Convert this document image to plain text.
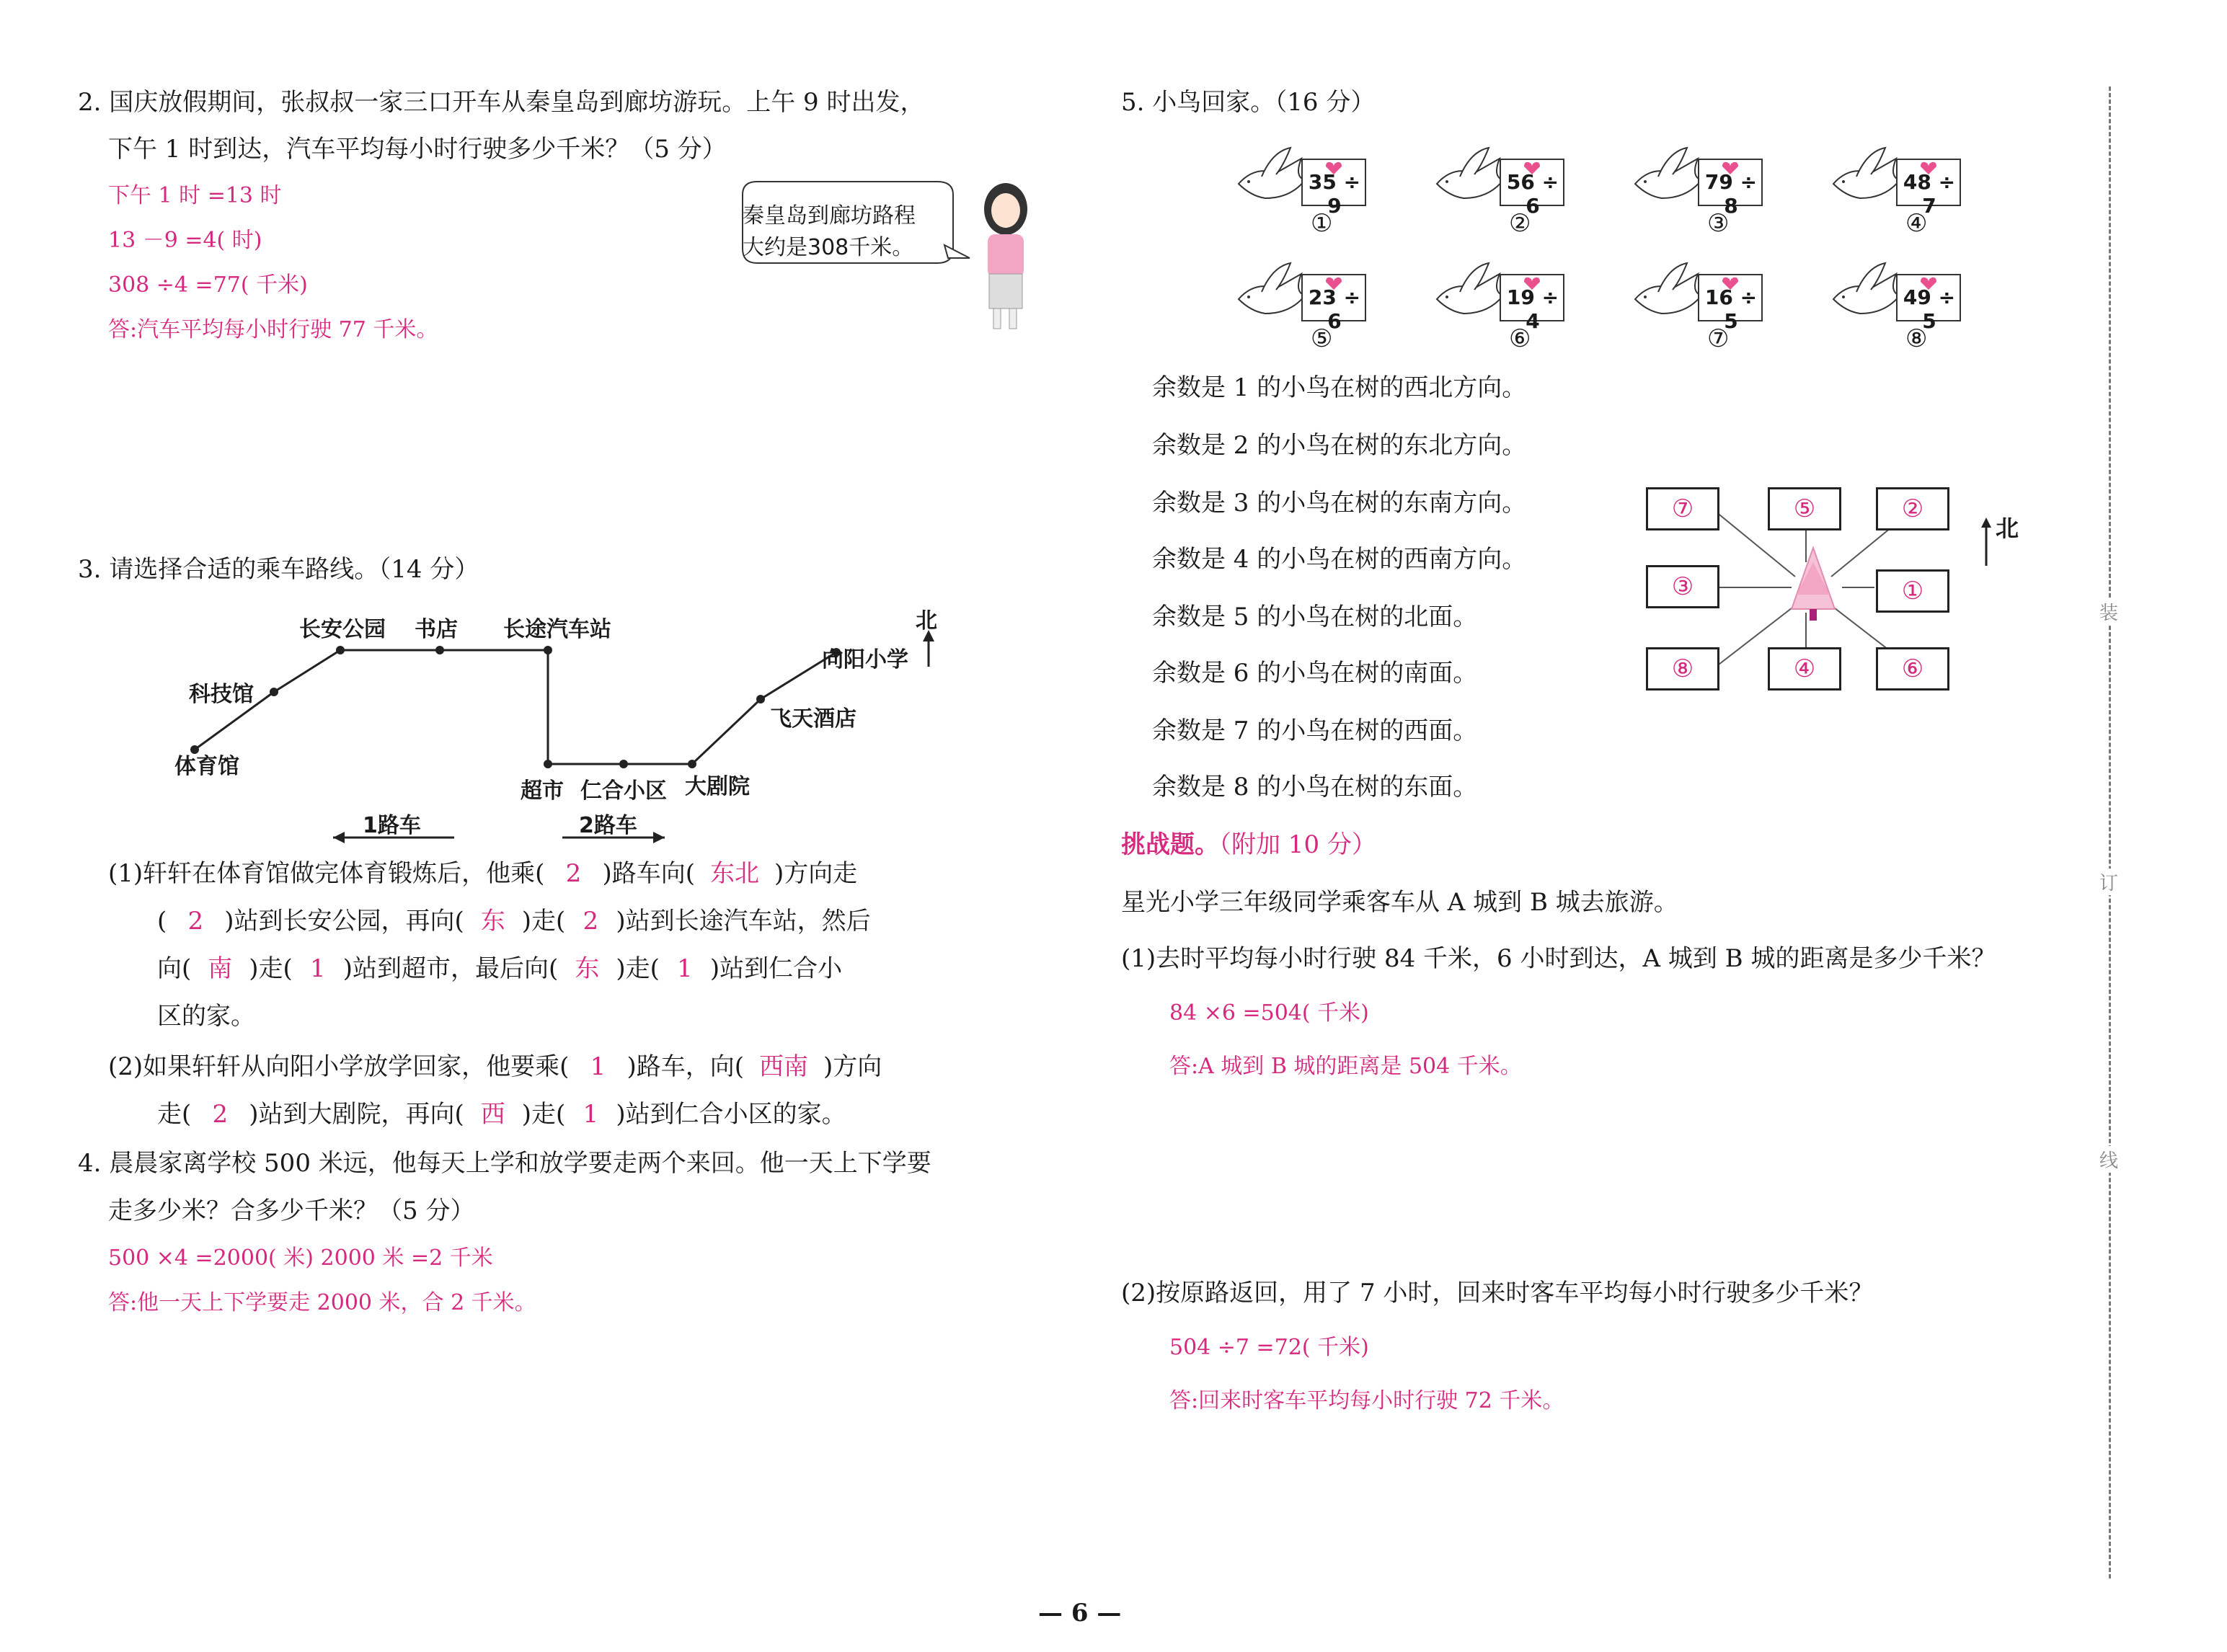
2. 国庆放假期间，张叔叔一家三口开车从秦皇岛到廊坊游玩。上午 9 时出发，
下午 1 时到达，汽车平均每小时行驶多少千米？（5 分）
下午 1 时 =13 时
13 －9 =4( 时)
308 ÷4 =77( 千米)
答:汽车平均每小时行驶 77 千米。
秦皇岛到廊坊路程
大约是308千米。
3. 请选择合适的乘车路线。（14 分）
长安公园 书店 长途汽车站
科技馆
体育馆
向阳小学
北
飞天酒店
超市 仁合小区 大剧院
1路车	2路车
(1)轩轩在体育馆做完体育锻炼后，他乘( 2 )路车向( 东北 )方向走
( 2 )站到长安公园，再向( 东 )走( 2 )站到长途汽车站，然后
向( 南 )走( 1 )站到超市，最后向( 东 )走( 1 )站到仁合小
区的家。
(2)如果轩轩从向阳小学放学回家，他要乘( 1 )路车，向( 西南 )方向
走( 2 )站到大剧院，再向( 西 )走( 1 )站到仁合小区的家。
4. 晨晨家离学校 500 米远，他每天上学和放学要走两个来回。他一天上下学要
走多少米？合多少千米？（5 分）
500 ×4 =2000( 米) 2000 米 =2 千米
答:他一天上下学要走 2000 米，合 2 千米。
5. 小鸟回家。（16 分）
35 ÷ 9
①
56 ÷ 6
②
79 ÷ 8
③
48 ÷ 7
④
23 ÷ 6
⑤
19 ÷ 4
⑥
16 ÷ 5
⑦
49 ÷ 5
⑧
余数是 1 的小鸟在树的西北方向。
余数是 2 的小鸟在树的东北方向。
余数是 3 的小鸟在树的东南方向。
余数是 4 的小鸟在树的西南方向。
余数是 5 的小鸟在树的北面。
余数是 6 的小鸟在树的南面。
余数是 7 的小鸟在树的西面。
余数是 8 的小鸟在树的东面。
⑦	⑤	②
③	①
⑧	④	⑥
北
挑战题。（附加 10 分）
星光小学三年级同学乘客车从 A 城到 B 城去旅游。
(1)去时平均每小时行驶 84 千米，6 小时到达，A 城到 B 城的距离是多少千米？
84 ×6 =504( 千米)
答:A 城到 B 城的距离是 504 千米。
(2)按原路返回，用了 7 小时，回来时客车平均每小时行驶多少千米？
504 ÷7 =72( 千米)
答:回来时客车平均每小时行驶 72 千米。
装
订
线
— 6 —
